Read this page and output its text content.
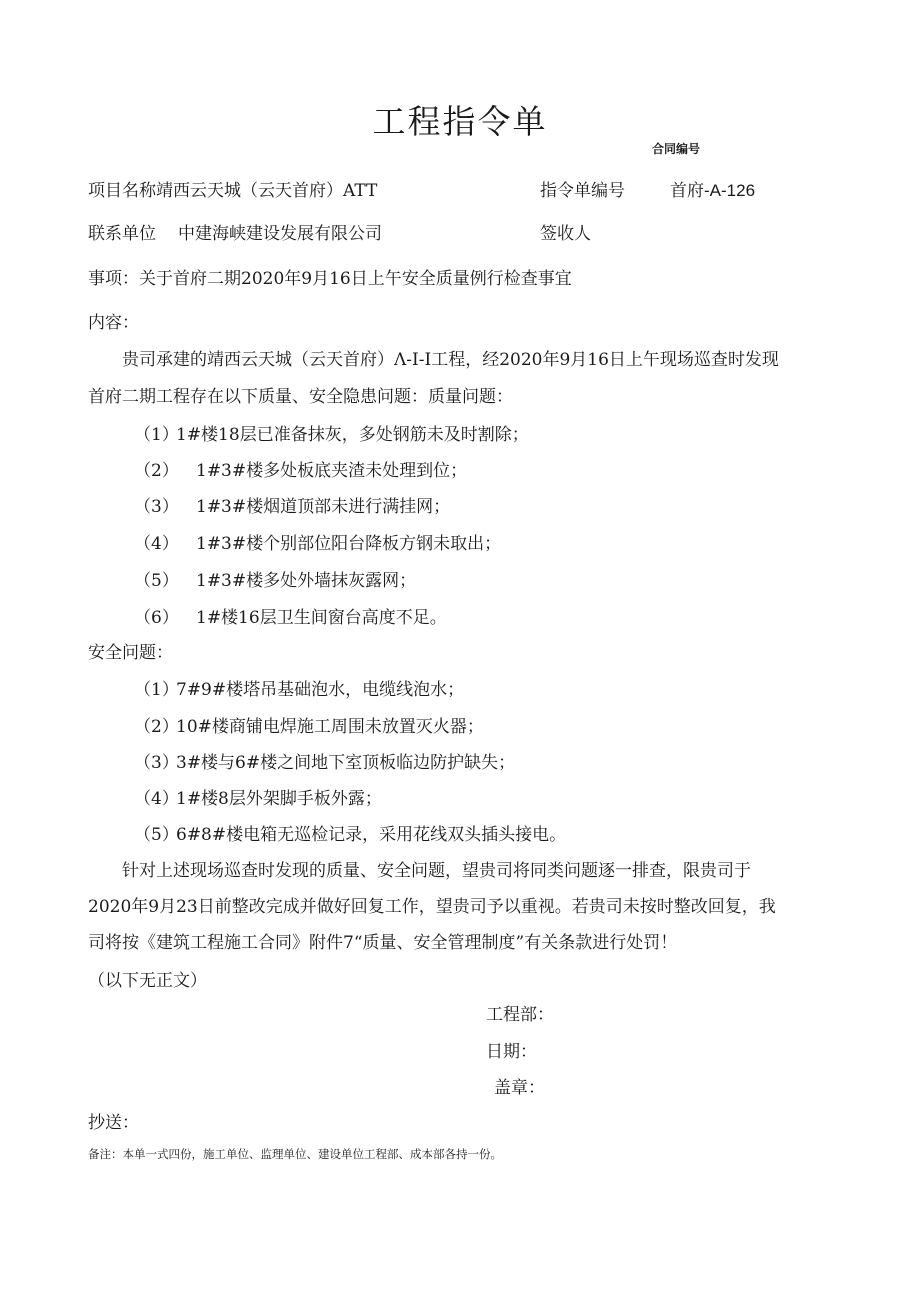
工程指令单
合同编号
项目名称靖西云天城（云天首府）ATT	指令单编号	首府-A-126
联系单位 中建海峡建设发展有限公司	签收人
事项：关于首府二期2020年9月16日上午安全质量例行检查事宜
内容：
贵司承建的靖西云天城（云天首府）Λ-I-I工程，经2020年9月16日上午现场巡查时发现
首府二期工程存在以下质量、安全隐患问题：质量问题：
（1）
1#楼18层已准备抹灰，多处钢筋未及时割除；
（2） 1#3#楼多处板底夹渣未处理到位；
（3） 1#3#楼烟道顶部未进行满挂网；
（4） 1#3#楼个别部位阳台降板方钢未取出；
（5） 1#3#楼多处外墙抹灰露网；
（6） 1#楼16层卫生间窗台高度不足。
安全问题：
（1）
7#9#楼塔吊基础泡水，电缆线泡水；
（2）
10#楼商铺电焊施工周围未放置灭火器；
（3）
3#楼与6#楼之间地下室顶板临边防护缺失；
（4）
1#楼8层外架脚手板外露；
（5）
6#8#楼电箱无巡检记录，采用花线双头插头接电。
针对上述现场巡查时发现的质量、安全问题，望贵司将同类问题逐一排查，限贵司于
2020年9月23日前整改完成并做好回复工作，望贵司予以重视。若贵司未按时整改回复，我
司将按《建筑工程施工合同》附件7“质量、安全管理制度”有关条款进行处罚！
（以下无正文）
工程部：
日期：
盖章：
抄送：
备注：本单一式四份，施工单位、监理单位、建设单位工程部、成本部各持一份。
